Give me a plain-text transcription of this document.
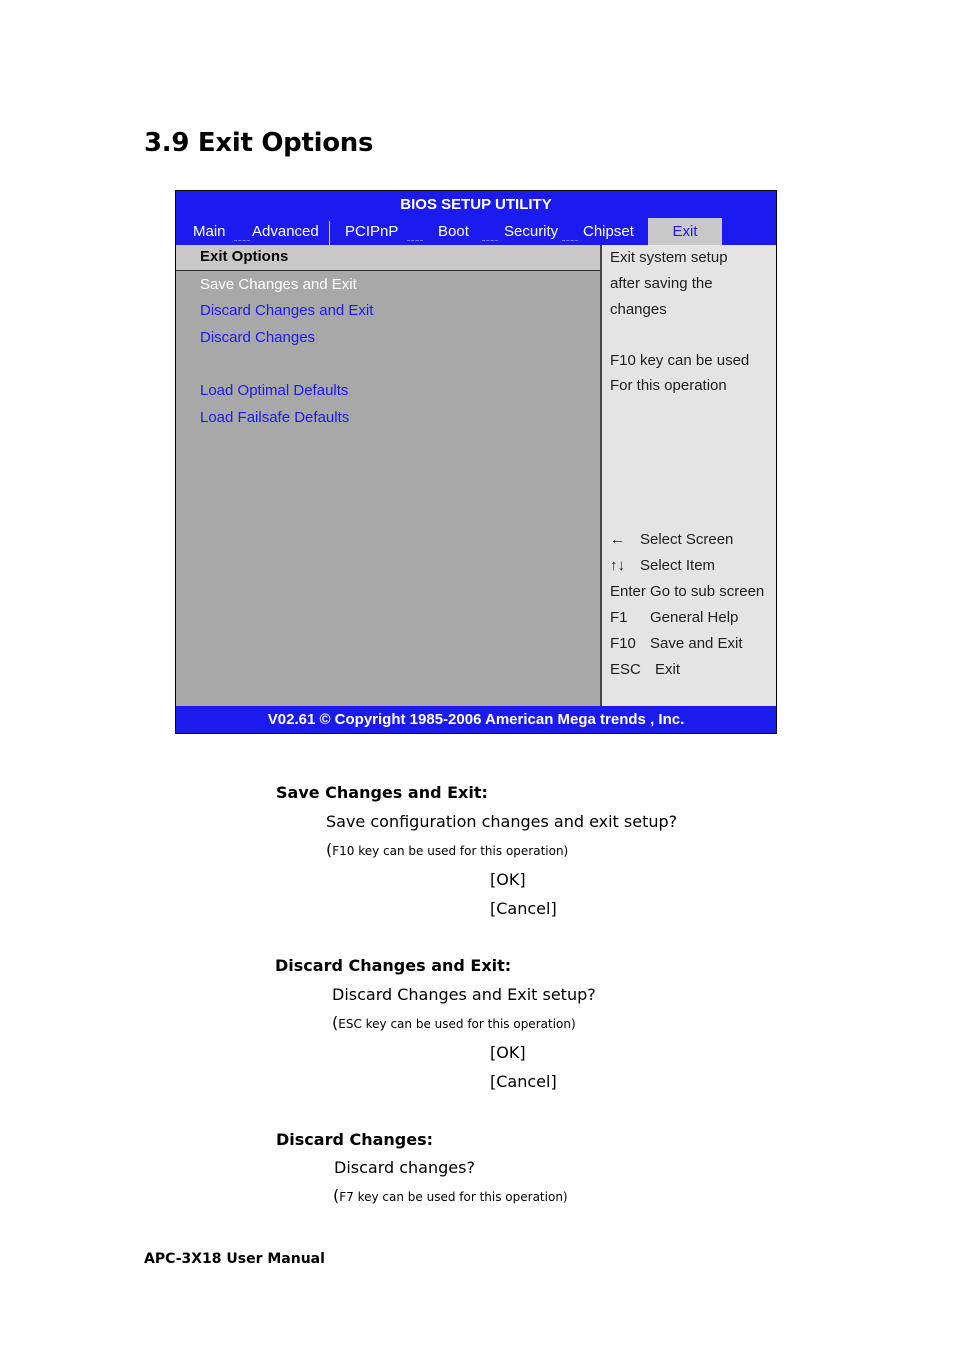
3.9 Exit Options
BIOS SETUP UTILITY
Main Advanced PCIPnP	Boot Security Chipset	Exit
Exit Options
Save Changes and Exit
Discard Changes and Exit
Discard Changes
Load Optimal Defaults
Load Failsafe Defaults
Exit system setup
after saving the
changes
F10 key can be used
For this operation
← Select Screen
↑↓ Select Item
Enter Go to sub screen
F1 General Help
F10 Save and Exit
ESC Exit
V02.61 © Copyright 1985-2006 American Mega trends , Inc.
Save Changes and Exit:
Save configuration changes and exit setup?
(F10 key can be used for this operation)
[OK]
[Cancel]
Discard Changes and Exit:
Discard Changes and Exit setup?
(ESC key can be used for this operation)
[OK]
[Cancel]
Discard Changes:
Discard changes?
(F7 key can be used for this operation)
APC-3X18 User Manual
